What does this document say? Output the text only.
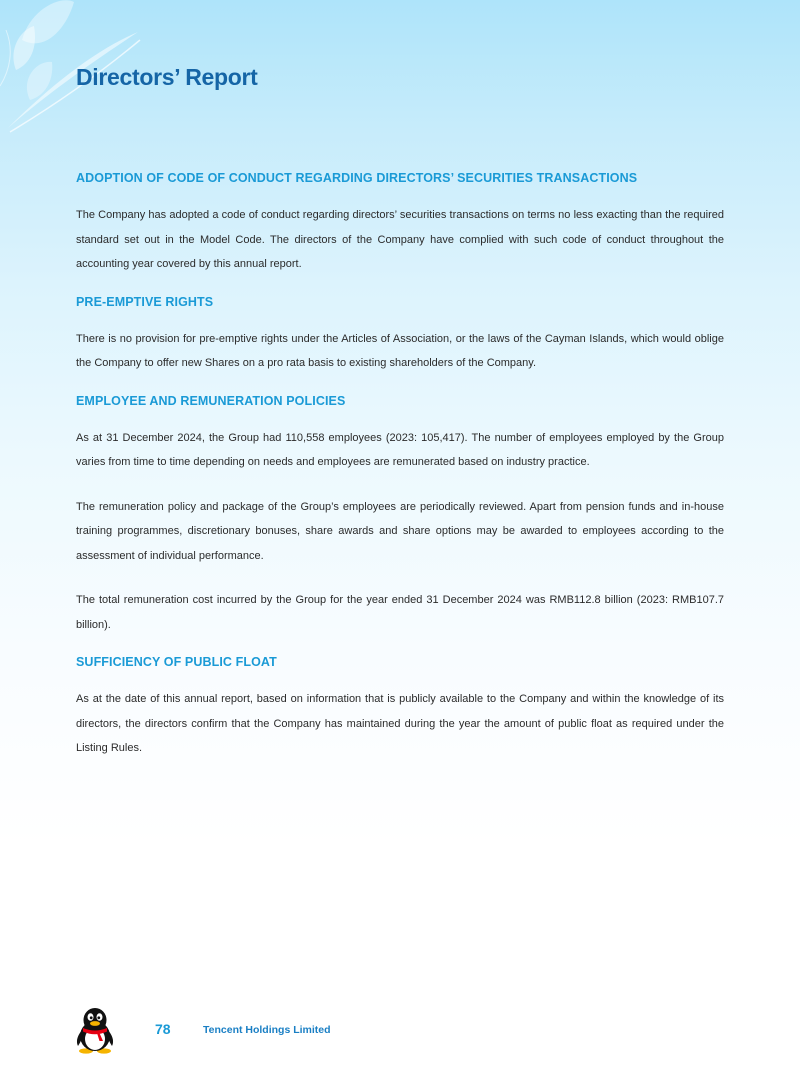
Directors’ Report
ADOPTION OF CODE OF CONDUCT REGARDING DIRECTORS’ SECURITIES TRANSACTIONS

The Company has adopted a code of conduct regarding directors’ securities transactions on terms no less exacting than the required standard set out in the Model Code. The directors of the Company have complied with such code of conduct throughout the accounting year covered by this annual report.

PRE-EMPTIVE RIGHTS

There is no provision for pre-emptive rights under the Articles of Association, or the laws of the Cayman Islands, which would oblige the Company to offer new Shares on a pro rata basis to existing shareholders of the Company.

EMPLOYEE AND REMUNERATION POLICIES

As at 31 December 2024, the Group had 110,558 employees (2023: 105,417). The number of employees employed by the Group varies from time to time depending on needs and employees are remunerated based on industry practice.

The remuneration policy and package of the Group’s employees are periodically reviewed. Apart from pension funds and in-house training programmes, discretionary bonuses, share awards and share options may be awarded to employees according to the assessment of individual performance.

The total remuneration cost incurred by the Group for the year ended 31 December 2024 was RMB112.8 billion (2023: RMB107.7 billion).

SUFFICIENCY OF PUBLIC FLOAT

As at the date of this annual report, based on information that is publicly available to the Company and within the knowledge of its directors, the directors confirm that the Company has maintained during the year the amount of public float as required under the Listing Rules.

78	Tencent Holdings Limited
